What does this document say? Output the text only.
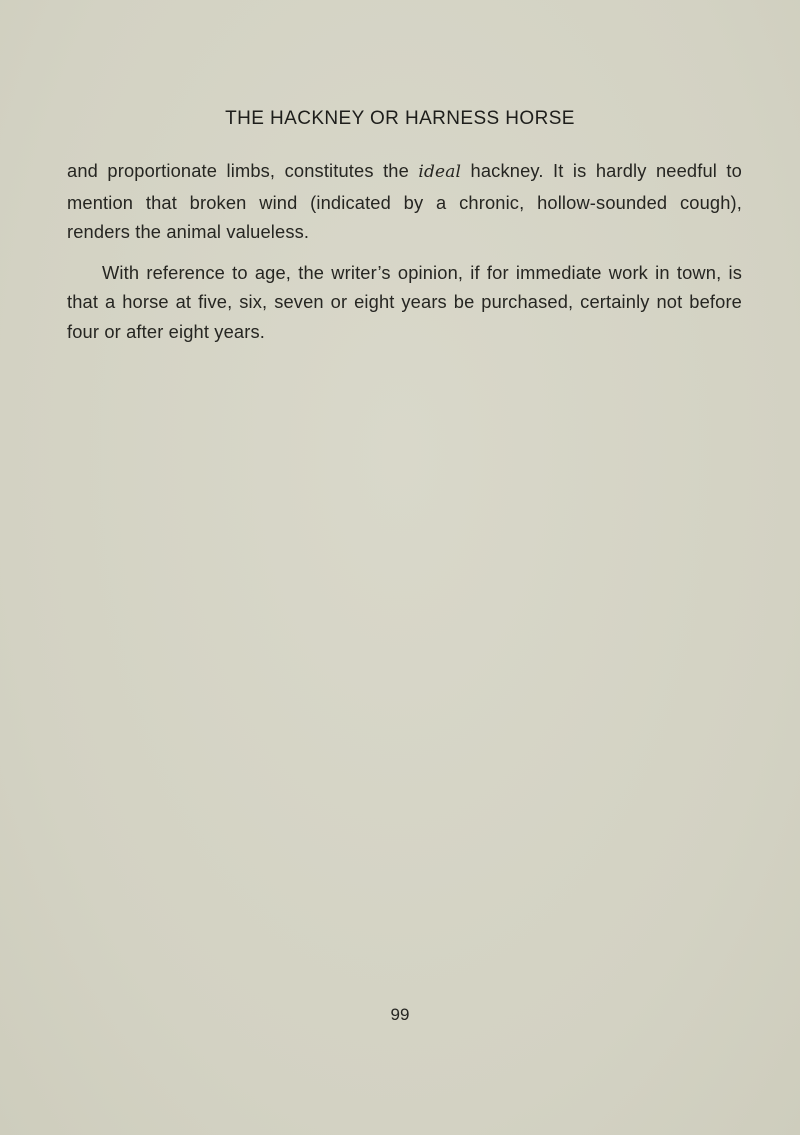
THE HACKNEY OR HARNESS HORSE

and proportionate limbs, constitutes the ideal hackney. It is hardly needful to mention that broken wind (indicated by a chronic, hollow-sounded cough), renders the animal valueless.

With reference to age, the writer’s opinion, if for immediate work in town, is that a horse at five, six, seven or eight years be purchased, certainly not before four or after eight years.

99
